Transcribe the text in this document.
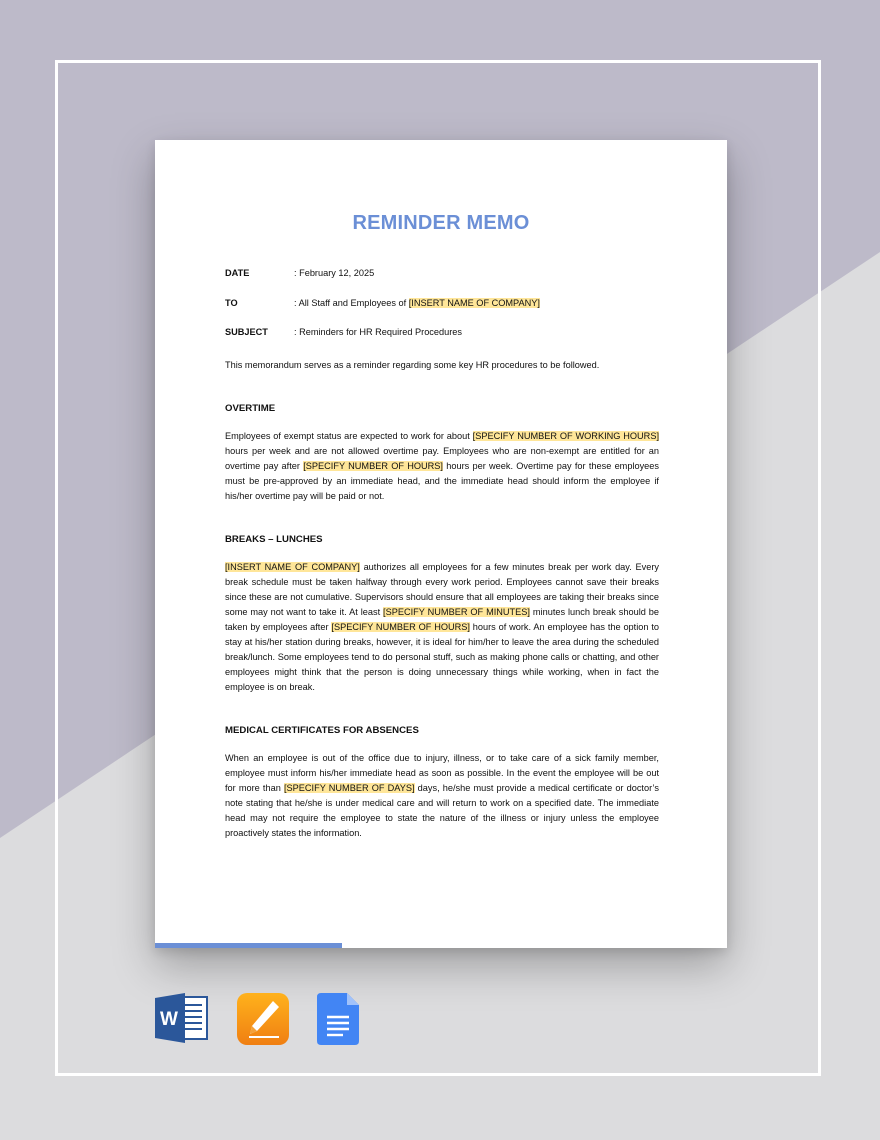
REMINDER MEMO
DATE	: February 12, 2025
TO	: All Staff and Employees of [INSERT NAME OF COMPANY]
SUBJECT	: Reminders for HR Required Procedures
This memorandum serves as a reminder regarding some key HR procedures to be followed.
OVERTIME
Employees of exempt status are expected to work for about [SPECIFY NUMBER OF WORKING HOURS] hours per week and are not allowed overtime pay. Employees who are non-exempt are entitled for an overtime pay after [SPECIFY NUMBER OF HOURS] hours per week. Overtime pay for these employees must be pre-approved by an immediate head, and the immediate head should inform the employee if his/her overtime pay will be paid or not.
BREAKS – LUNCHES
[INSERT NAME OF COMPANY] authorizes all employees for a few minutes break per work day. Every break schedule must be taken halfway through every work period. Employees cannot save their breaks since these are not cumulative. Supervisors should ensure that all employees are taking their breaks since some may not want to take it. At least [SPECIFY NUMBER OF MINUTES] minutes lunch break should be taken by employees after [SPECIFY NUMBER OF HOURS] hours of work. An employee has the option to stay at his/her station during breaks, however, it is ideal for him/her to leave the area during the scheduled break/lunch. Some employees tend to do personal stuff, such as making phone calls or chatting, and other employees might think that the person is doing unnecessary things while working, when in fact the employee is on break.
MEDICAL CERTIFICATES FOR ABSENCES
When an employee is out of the office due to injury, illness, or to take care of a sick family member, employee must inform his/her immediate head as soon as possible. In the event the employee will be out for more than [SPECIFY NUMBER OF DAYS] days, he/she must provide a medical certificate or doctor’s note stating that he/she is under medical care and will return to work on a specified date. The immediate head may not require the employee to state the nature of the illness or injury unless the employee proactively states the information.
W
